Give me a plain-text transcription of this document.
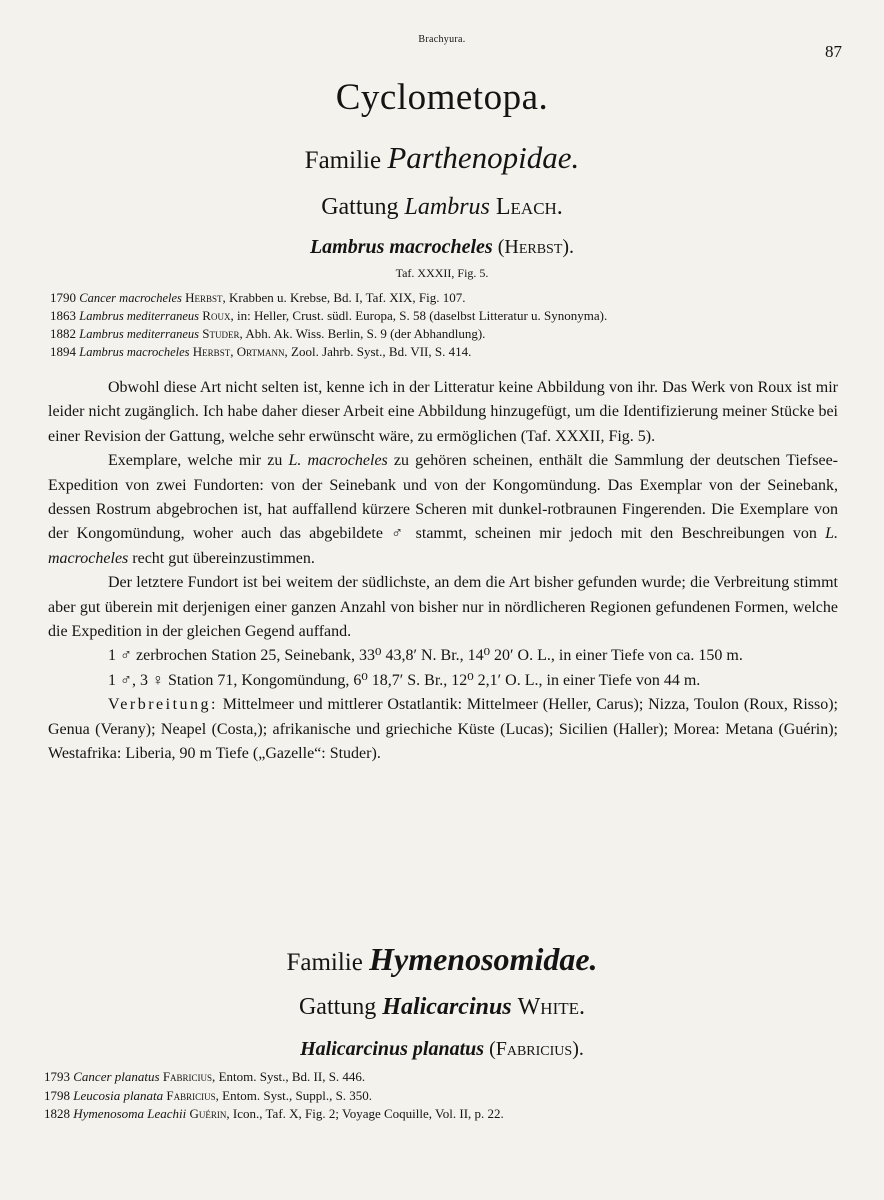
Brachyura.
87
Cyclometopa.
Familie Parthenopidae.
Gattung Lambrus Leach.
Lambrus macrocheles (Herbst).
Taf. XXXII, Fig. 5.
1790 Cancer macrocheles Herbst, Krabben u. Krebse, Bd. I, Taf. XIX, Fig. 107.
1863 Lambrus mediterraneus Roux, in: Heller, Crust. südl. Europa, S. 58 (daselbst Litteratur u. Synonyma).
1882 Lambrus mediterraneus Studer, Abh. Ak. Wiss. Berlin, S. 9 (der Abhandlung).
1894 Lambrus macrocheles Herbst, Ortmann, Zool. Jahrb. Syst., Bd. VII, S. 414.

Obwohl diese Art nicht selten ist, kenne ich in der Litteratur keine Abbildung von ihr. Das Werk von Roux ist mir leider nicht zugänglich. Ich habe daher dieser Arbeit eine Abbildung hinzugefügt, um die Identifizierung meiner Stücke bei einer Revision der Gattung, welche sehr erwünscht wäre, zu ermöglichen (Taf. XXXII, Fig. 5).

Exemplare, welche mir zu L. macrocheles zu gehören scheinen, enthält die Sammlung der deutschen Tiefsee-Expedition von zwei Fundorten: von der Seinebank und von der Kongomündung. Das Exemplar von der Seinebank, dessen Rostrum abgebrochen ist, hat auffallend kürzere Scheren mit dunkel-rotbraunen Fingerenden. Die Exemplare von der Kongomündung, woher auch das abgebildete ♂ stammt, scheinen mir jedoch mit den Beschreibungen von L. macrocheles recht gut übereinzustimmen.

Der letztere Fundort ist bei weitem der südlichste, an dem die Art bisher gefunden wurde; die Verbreitung stimmt aber gut überein mit derjenigen einer ganzen Anzahl von bisher nur in nördlicheren Regionen gefundenen Formen, welche die Expedition in der gleichen Gegend auffand.

1 ♂ zerbrochen Station 25, Seinebank, 33⁰ 43,8′ N. Br., 14⁰ 20′ O. L., in einer Tiefe von ca. 150 m.

1 ♂, 3 ♀ Station 71, Kongomündung, 6⁰ 18,7′ S. Br., 12⁰ 2,1′ O. L., in einer Tiefe von 44 m.

Verbreitung: Mittelmeer und mittlerer Ostatlantik: Mittelmeer (Heller, Carus); Nizza, Toulon (Roux, Risso); Genua (Verany); Neapel (Costa,); afrikanische und griechiche Küste (Lucas); Sicilien (Haller); Morea: Metana (Guérin); Westafrika: Liberia, 90 m Tiefe („Gazelle“: Studer).

Familie Hymenosomidae.
Gattung Halicarcinus White.
Halicarcinus planatus (Fabricius).
1793 Cancer planatus Fabricius, Entom. Syst., Bd. II, S. 446.
1798 Leucosia planata Fabricius, Entom. Syst., Suppl., S. 350.
1828 Hymenosoma Leachii Guérin, Icon., Taf. X, Fig. 2; Voyage Coquille, Vol. II, p. 22.
